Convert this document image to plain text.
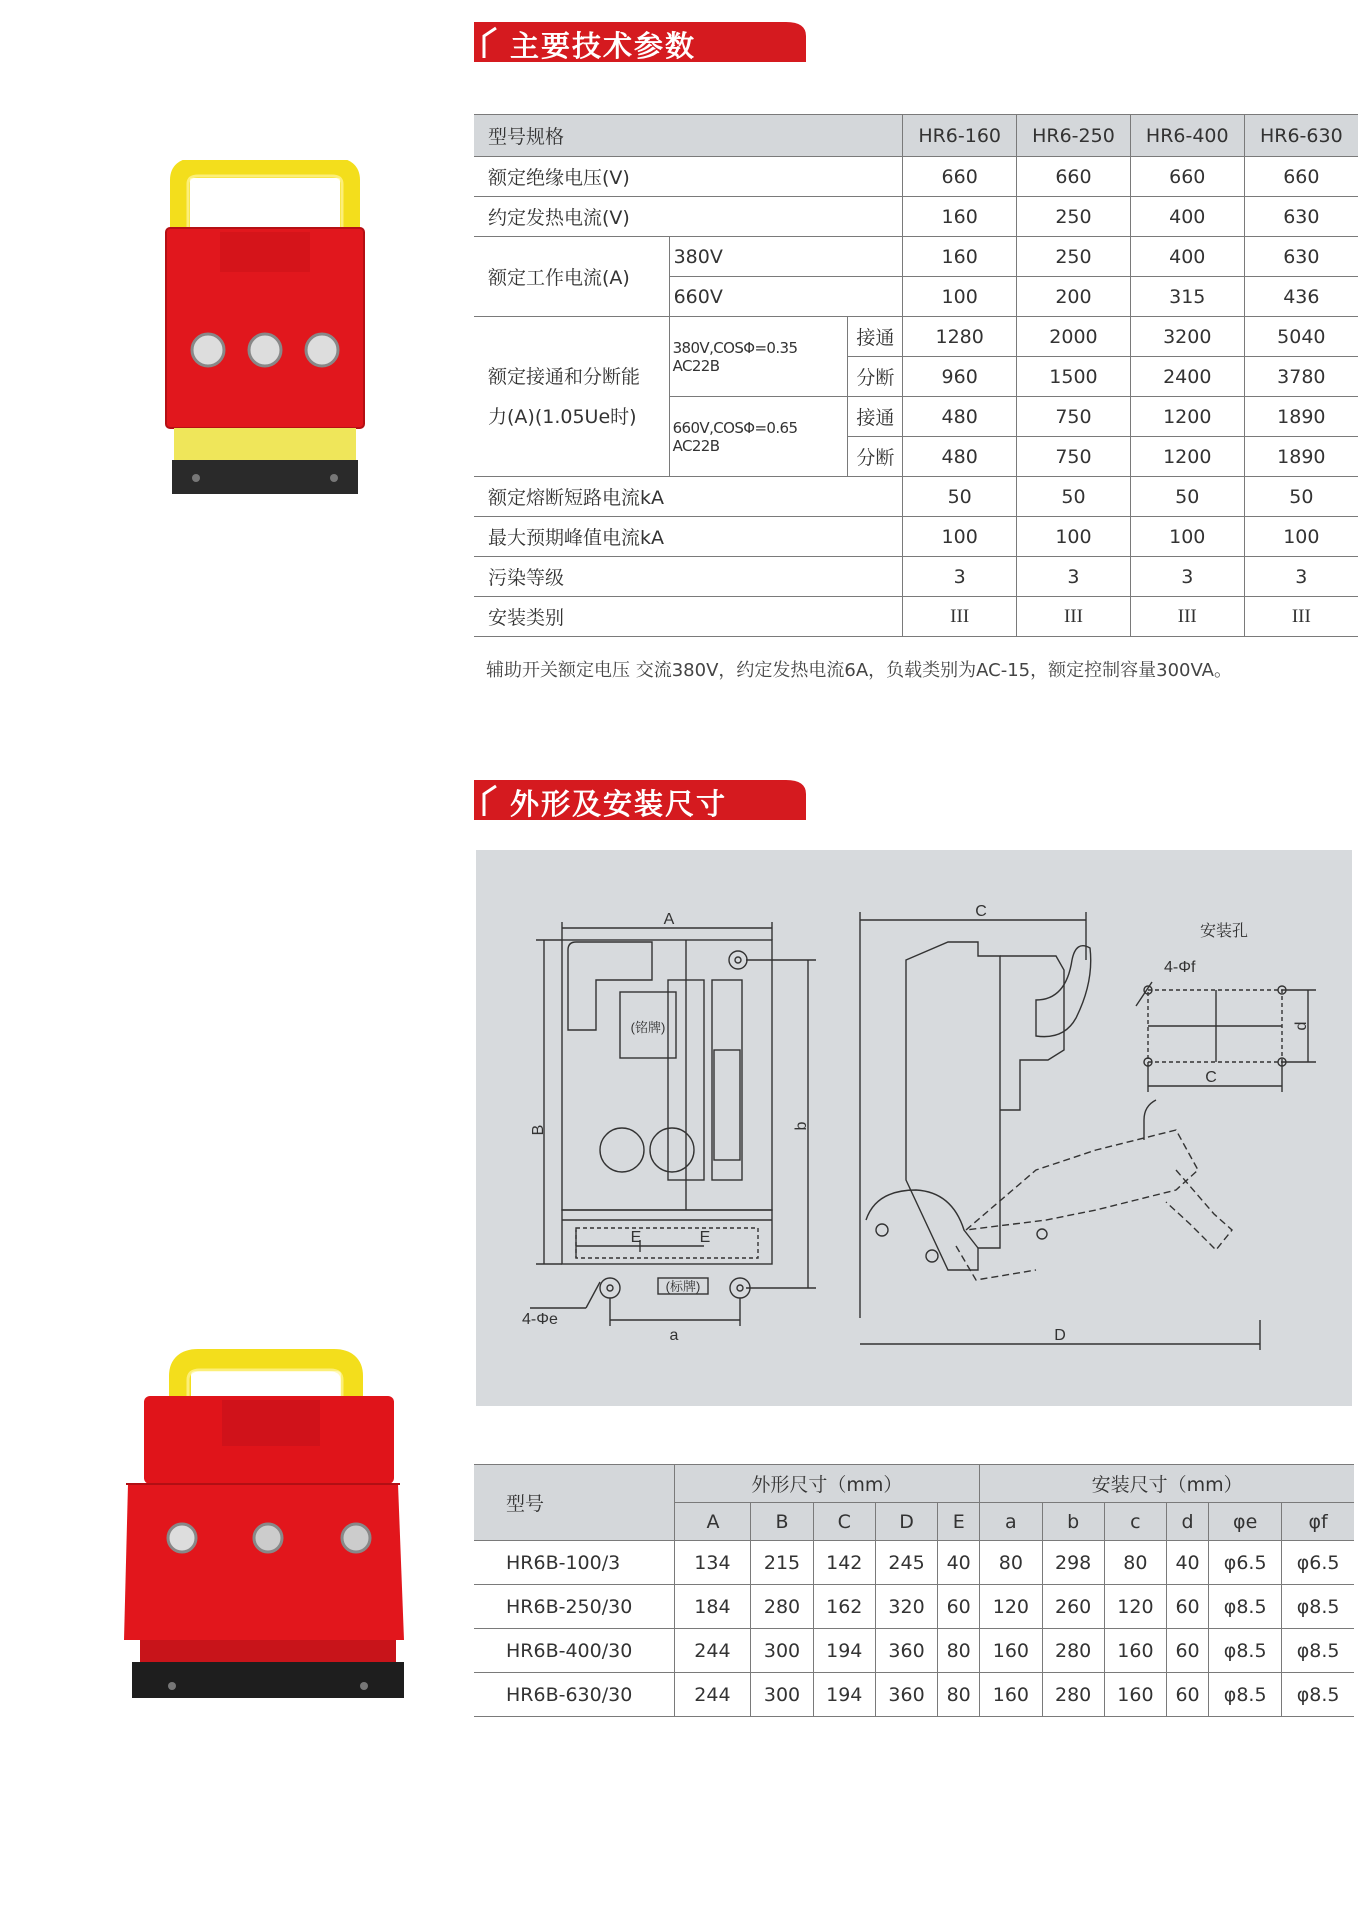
主要技术参数
型号规格			HR6-160	HR6-250	HR6-400	HR6-630
额定绝缘电压(V)			660	660	660	660
约定发热电流(V)			160	250	400	630
额定工作电流(A)	380V		160	250	400	630
	660V		100	200	315	436

额定接通和分断能
力(A)(1.05Ue时)	380V,COSΦ=0.35 AC22B	接通	1280	2000	3200	5040
		分断	960	1500	2400	3780
	660V,COSΦ=0.65 AC22B	接通	480	750	1200	1890
		分断	480	750	1200	1890
额定熔断短路电流kA			50	50	50	50
最大预期峰值电流kA			100	100	100	100
污染等级			3	3	3	3
安装类别			III	III	III	III
辅助开关额定电压 交流380V，约定发热电流6A，负载类别为AC-15，额定控制容量300VA。
外形及安装尺寸
A
B	b
a
E	E
4-Φe
(铭牌)
(标牌)
C
D
安装孔
4-Φf
C
d
型号	外形尺寸（mm）					安装尺寸（mm）					
	A	B	C	D	E	a	b	c	d	φe	φf
HR6B-100/3	134	215	142	245	40	80	298	80	40	φ6.5	φ6.5
HR6B-250/30	184	280	162	320	60	120	260	120	60	φ8.5	φ8.5
HR6B-400/30	244	300	194	360	80	160	280	160	60	φ8.5	φ8.5
HR6B-630/30	244	300	194	360	80	160	280	160	60	φ8.5	φ8.5
